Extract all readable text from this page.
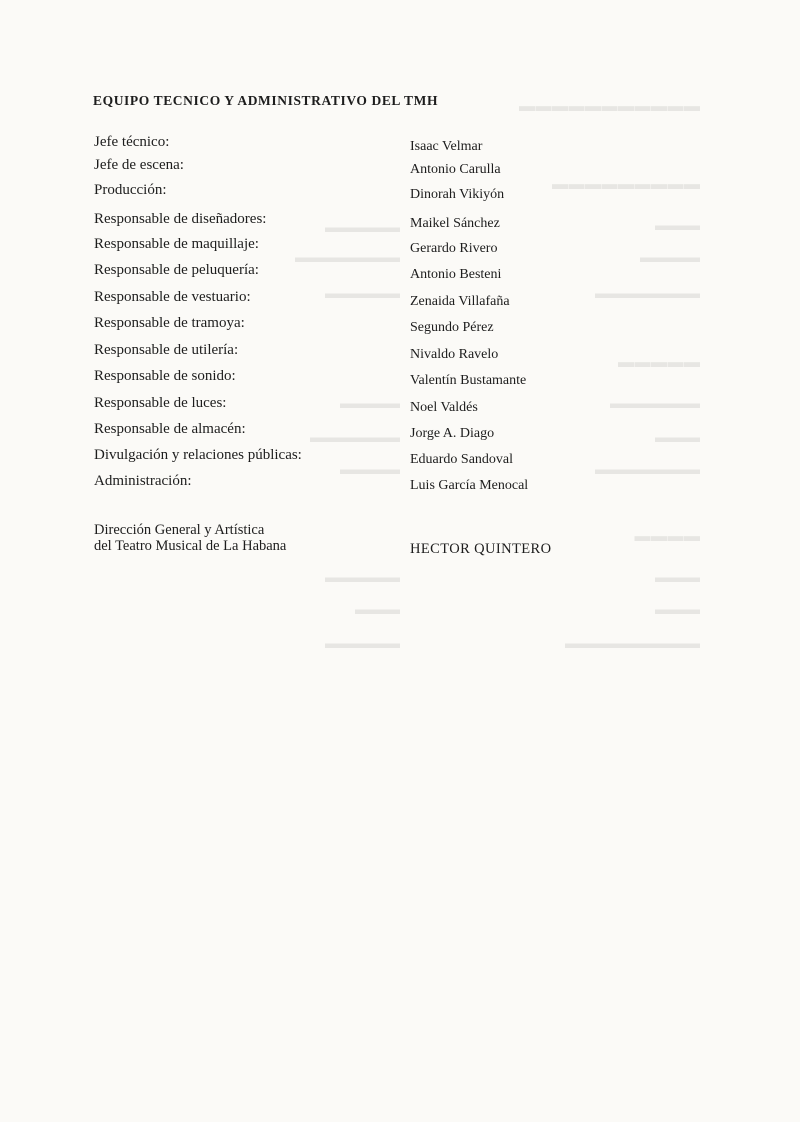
▬▬▬▬▬▬▬▬▬▬▬
▬▬▬▬▬▬▬▬▬
▬▬▬
▬▬▬▬
▬▬▬▬▬▬▬
▬▬▬▬▬
▬▬▬▬▬▬
▬▬▬
▬▬▬▬▬▬▬
▬▬▬▬
▬▬▬
▬▬▬
▬▬▬▬▬▬▬▬▬
▬▬▬▬▬
▬▬▬▬▬▬▬
▬▬▬▬▬
▬▬▬▬
▬▬▬▬▬▬
▬▬▬▬
▬▬▬▬▬
▬▬▬
▬▬▬▬▬
EQUIPO TECNICO Y ADMINISTRATIVO DEL TMH
Jefe técnico:	Isaac Velmar
Jefe de escena:	Antonio Carulla
Producción:	Dinorah Vikiyón
Responsable de diseñadores:	Maikel Sánchez
Responsable de maquillaje:	Gerardo Rivero
Responsable de peluquería:	Antonio Besteni
Responsable de vestuario:	Zenaida Villafaña
Responsable de tramoya:	Segundo Pérez
Responsable de utilería:	Nivaldo Ravelo
Responsable de sonido:	Valentín Bustamante
Responsable de luces:	Noel Valdés
Responsable de almacén:	Jorge A. Diago
Divulgación y relaciones públicas:	Eduardo Sandoval
Administración:	Luis García Menocal
Dirección General y Artística
del Teatro Musical de La Habana	HECTOR QUINTERO
